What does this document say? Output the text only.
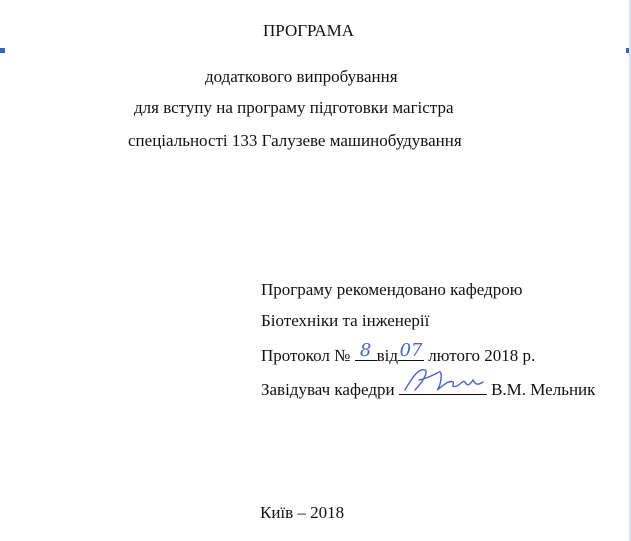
ПРОГРАМА
додаткового випробування
для вступу на програму підготовки магістра
спеціальності 133 Галузеве машинобудування
Програму рекомендовано кафедрою
Біотехніки та інженерії
Протокол № 8 від 07 лютого 2018 р.
Завідувач кафедри	В.М. Мельник
Київ – 2018
